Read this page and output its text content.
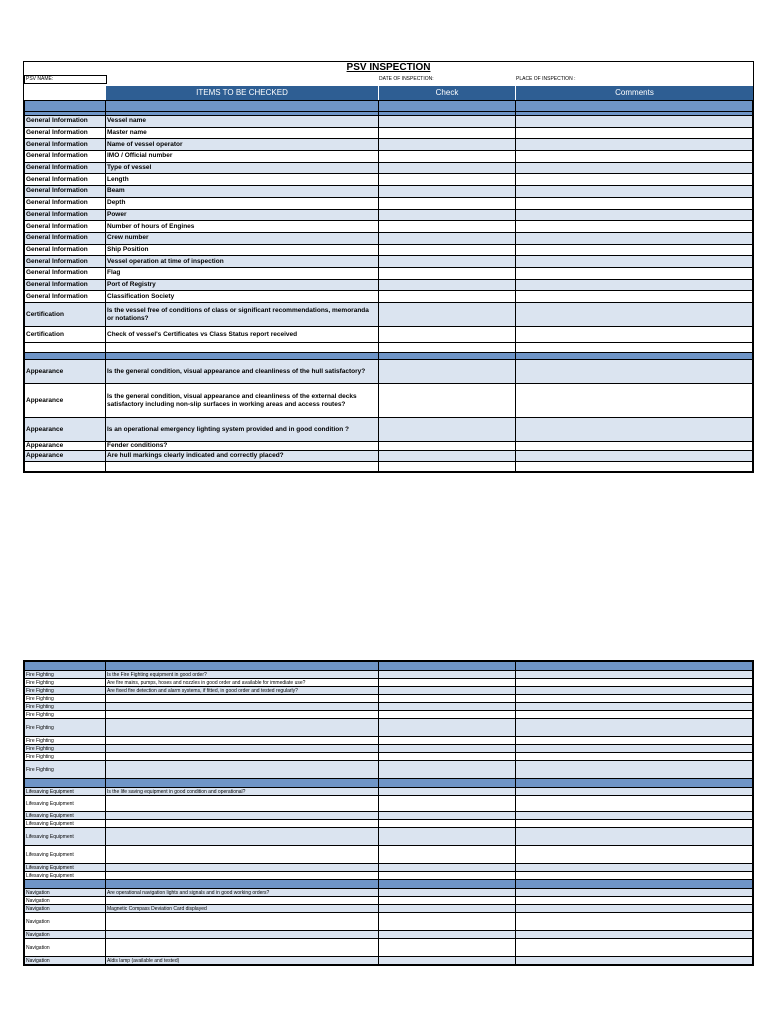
PSV INSPECTION
PSV NAME:	DATE OF INSPECTION:	PLACE OF INSPECTION :
ITEMS TO BE CHECKED	Check	Comments

General Information	Vessel name		
General Information	Master name		
General Information	Name of vessel operator		
General Information	IMO / Official number		
General Information	Type of vessel		
General Information	Length		
General Information	Beam		
General Information	Depth		
General Information	Power		
General Information	Number of hours of Engines		
General Information	Crew number		
General Information	Ship Position		
General Information	Vessel operation at time of inspection		
General Information	Flag		
General Information	Port of Registry		
General Information	Classification Society		
Certification	Is the vessel free of conditions of class or significant recommendations, memoranda or notations?		
Certification	Check of vessel's Certificates vs Class Status report received		

Appearance	Is the general condition, visual appearance and cleanliness of the hull satisfactory?		
Appearance	Is the general condition, visual appearance and cleanliness of the external decks satisfactory including non-slip surfaces in working areas and access routes?		
Appearance	Is an operational emergency lighting system provided and in good condition ?		
Appearance	Fender conditions?		
Appearance	Are hull markings clearly indicated and correctly placed?		

Fire Fighting	Is the Fire Fighting equipment in good order?		
Fire Fighting	Are fire mains, pumps, hoses and nozzles in good order and available for immediate use?		
Fire Fighting	Are fixed fire detection and alarm systems, if fitted, in good order and tested regularly?		
Fire Fighting			
Fire Fighting			
Fire Fighting			
Fire Fighting			
Fire Fighting			
Fire Fighting			
Fire Fighting			
Fire Fighting			

Lifesaving Equipment	Is the life saving equipment in good condition and operational?		
Lifesaving Equipment			
Lifesaving Equipment			
Lifesaving Equipment			
Lifesaving Equipment			
Lifesaving Equipment			
Lifesaving Equipment			
Lifesaving Equipment			

Navigation	Are operational navigation lights and signals and in good working orders?		
Navigation			
Navigation	Magnetic Compass Deviation Card displayed		
Navigation			
Navigation			
Navigation			
Navigation	Aldis lamp (available and tested)		
